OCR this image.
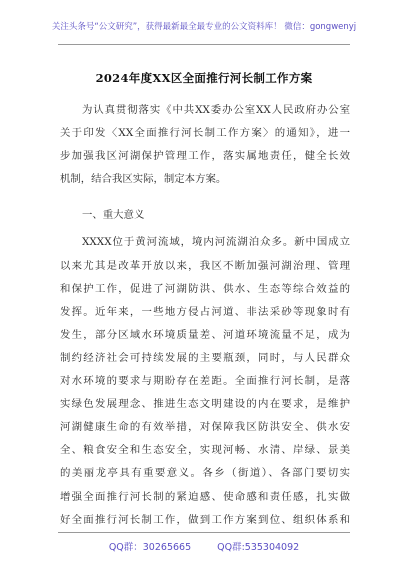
关注头条号“公文研究”，获得最新最全最专业的公文资料库！ 微信：gongwenyj
2024年度XX区全面推行河长制工作方案
为认真贯彻落实《中共XX委办公室XX人民政府办公室
关于印发〈XX全面推行河长制工作方案〉的通知》，进一
步加强我区河湖保护管理工作，落实属地责任，健全长效
机制，结合我区实际，制定本方案。
一、重大意义
XXXX位于黄河流域，境内河流湖泊众多。新中国成立
以来尤其是改革开放以来，我区不断加强河湖治理、管理
和保护工作，促进了河湖防洪、供水、生态等综合效益的
发挥。近年来，一些地方侵占河道、非法采砂等现象时有
发生，部分区域水环境质量差、河道环境流量不足，成为
制约经济社会可持续发展的主要瓶颈，同时，与人民群众
对水环境的要求与期盼存在差距。全面推行河长制，是落
实绿色发展理念、推进生态文明建设的内在要求，是维护
河湖健康生命的有效举措，对保障我区防洪安全、供水安
全、粮食安全和生态安全，实现河畅、水清、岸绿、景美
的美丽龙亭具有重要意义。各乡（街道）、各部门要切实
增强全面推行河长制的紧迫感、使命感和责任感，扎实做
好全面推行河长制工作，做到工作方案到位、组织体系和
QQ群：30265665	QQ群:535304092
